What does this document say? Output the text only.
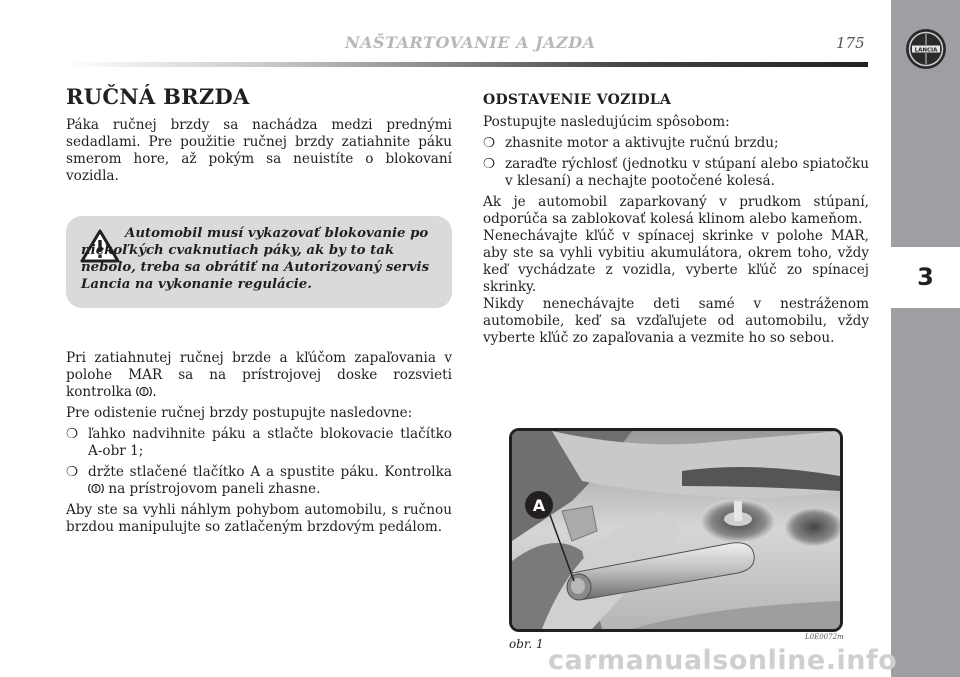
NAŠTARTOVANIE A JAZDA	175	LANCIA
3
RUČNÁ BRZDA

Páka ručnej brzdy sa nachádza medzi prednými sedadlami. Pre použitie ručnej brzdy zatiahnite páku smerom hore, až pokým sa neuistíte o blokovaní vozidla.

Automobil musí vykazovať blokovanie po niekoľkých cvaknutiach páky, ak by to tak nebolo, treba sa obrátiť na Autorizovaný servis Lancia na vykonanie regulácie.

Pri zatiahnutej ručnej brzde a kľúčom zapaľovania v polohe MAR sa na prístrojovej doske rozsvieti kontrolka ! .

Pre odistenie ručnej brzdy postupujte nasledovne:

❍ ľahko nadvihnite páku a stlačte blokovacie tlačítko A-obr 1;
❍ držte stlačené tlačítko A a spustite páku. Kontrolka
! na prístrojovom paneli zhasne.

Aby ste sa vyhli náhlym pohybom automobilu, s ručnou brzdou manipulujte so zatlačeným brzdovým pedálom.

ODSTAVENIE VOZIDLA

Postupujte nasledujúcim spôsobom:

❍ zhasnite motor a aktivujte ručnú brzdu;
❍ zaraďte rýchlosť (jednotku v stúpaní alebo spiatočku v klesaní) a nechajte pootočené kolesá.

Ak je automobil zaparkovaný v prudkom stúpaní, odporúča sa zablokovať kolesá klinom alebo kameňom.

Nenechávajte kľúč v spínacej skrinke v polohe MAR, aby ste sa vyhli vybitiu akumulátora, okrem toho, vždy keď vychádzate z vozidla, vyberte kľúč zo spínacej skrinky.

Nikdy nenechávajte deti samé v nestráženom automobile, keď sa vzďaľujete od automobilu, vždy vyberte kľúč zo zapaľovania a vezmite ho so sebou.

A
obr. 1	L0E0072m
carmanualsonline.info
